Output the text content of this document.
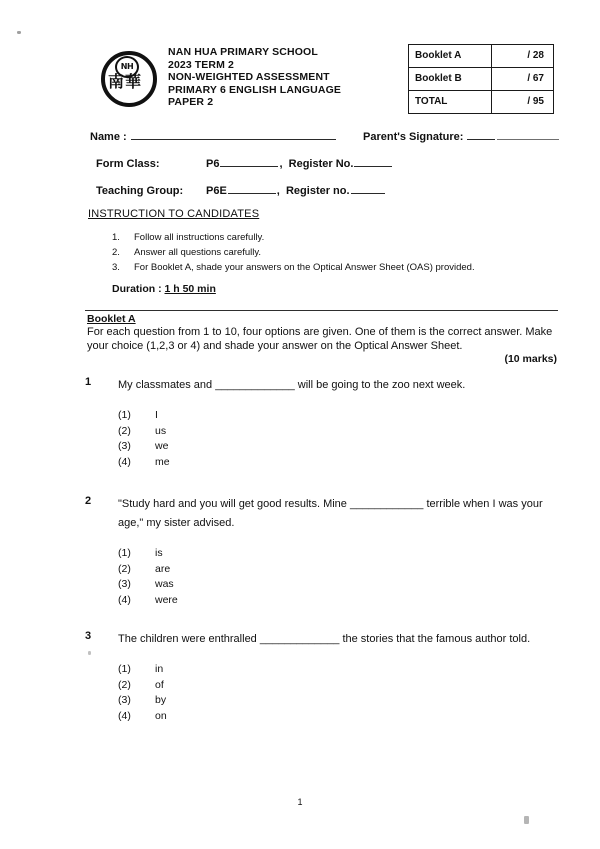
NH
南華
NAN HUA PRIMARY SCHOOL
2023 TERM 2
NON-WEIGHTED ASSESSMENT
PRIMARY 6 ENGLISH LANGUAGE
PAPER 2
Booklet A	/ 28
Booklet B	/ 67
TOTAL	/ 95
Name :	Parent's Signature:
Form Class:	P6	, Register No.
Teaching Group: P6E	, Register no.
INSTRUCTION TO CANDIDATES
1. Follow all instructions carefully.
2. Answer all questions carefully.
3. For Booklet A, shade your answers on the Optical Answer Sheet (OAS) provided.
Duration : 1 h 50 min
Booklet A
For each question from 1 to 10, four options are given. One of them is the correct answer. Make your choice (1,2,3 or 4) and shade your answer on the Optical Answer Sheet.
(10 marks)
1 My classmates and _____________ will be going to the zoo next week.
(1) I
(2) us
(3) we
(4) me
2 "Study hard and you will get good results. Mine ____________ terrible when I was your age," my sister advised.
(1) is
(2) are
(3) was
(4) were
3 The children were enthralled _____________ the stories that the famous author told.
(1) in
(2) of
(3) by
(4) on
1
